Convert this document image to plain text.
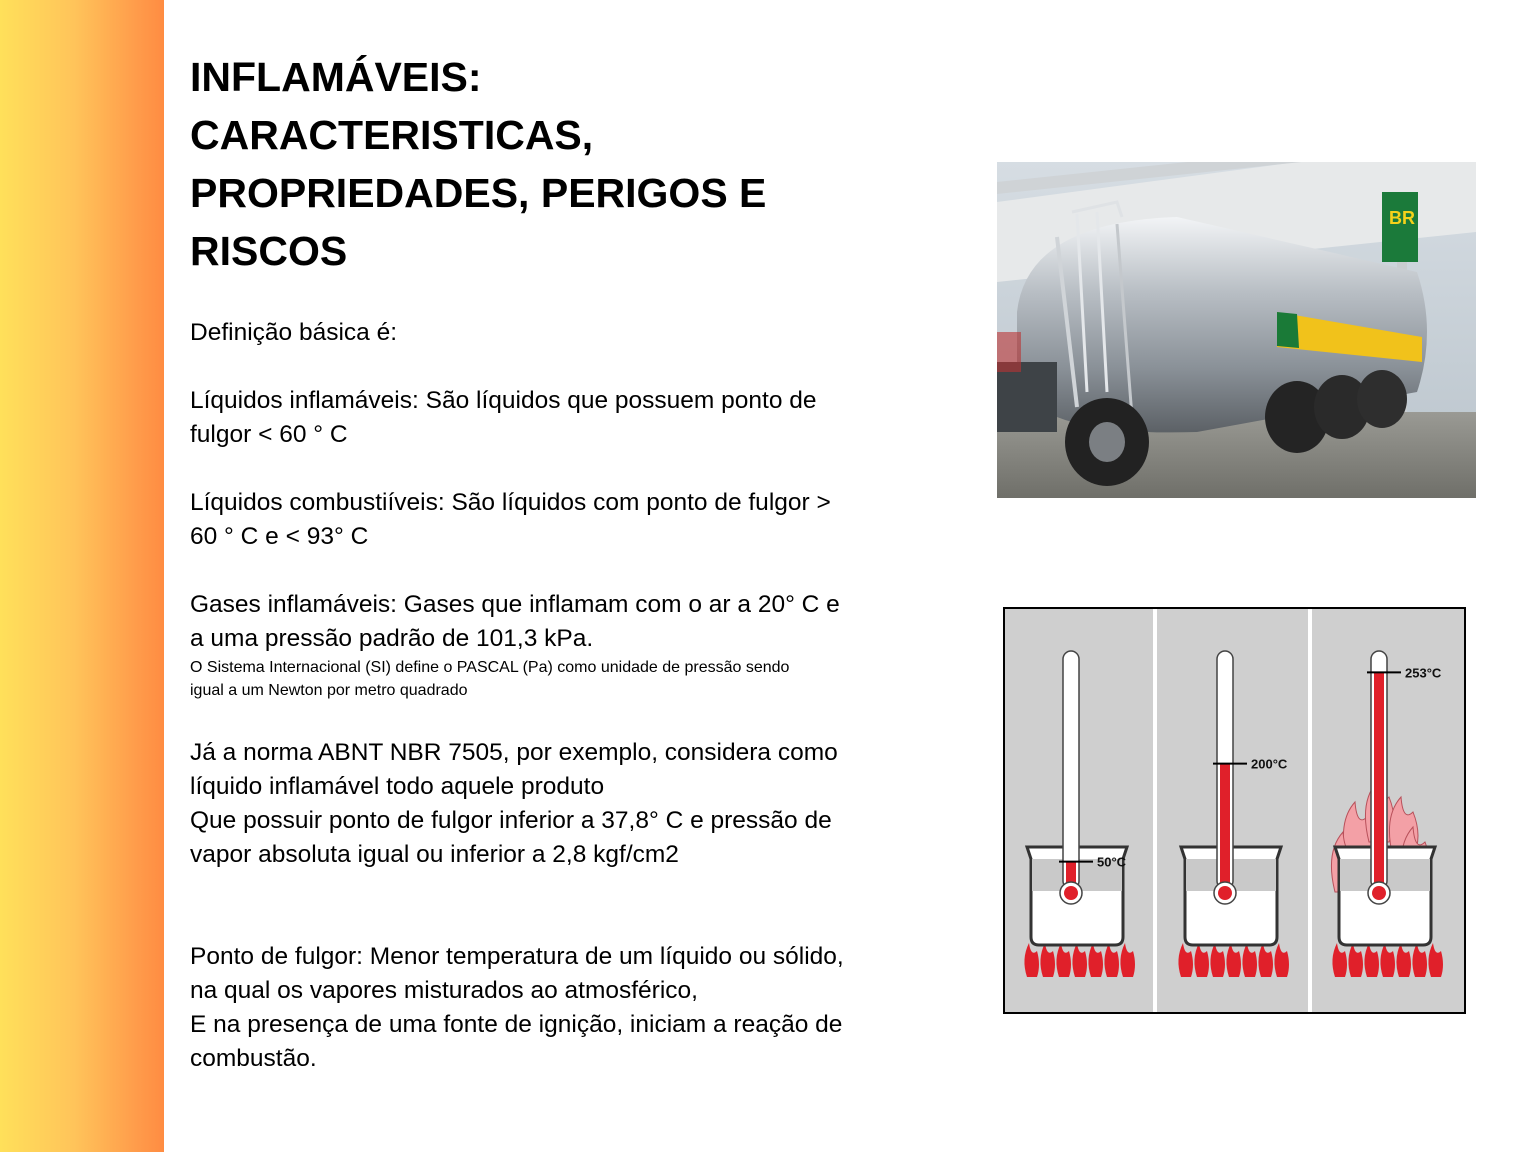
INFLAMÁVEIS:
CARACTERISTICAS,
PROPRIEDADES, PERIGOS E
RISCOS

Definição básica é:

Líquidos inflamáveis: São líquidos que possuem ponto de

fulgor < 60 ° C

Líquidos combustiíveis: São líquidos com ponto de fulgor >

60 ° C e < 93° C

Gases inflamáveis: Gases que inflamam com o ar a 20° C e

a uma pressão padrão de 101,3 kPa.

O Sistema Internacional (SI) define o PASCAL (Pa) como unidade de pressão sendo

igual a um Newton por metro quadrado

Já a norma ABNT NBR 7505, por exemplo, considera como

líquido inflamável todo aquele produto

Que possuir ponto de fulgor inferior a 37,8° C e pressão de

vapor absoluta igual ou inferior a 2,8 kgf/cm2

Ponto de fulgor: Menor temperatura de um líquido ou sólido,

na qual os vapores misturados ao atmosférico,

E na presença de uma fonte de ignição, iniciam a reação de

combustão.

BR
50°C
200°C
253°C
